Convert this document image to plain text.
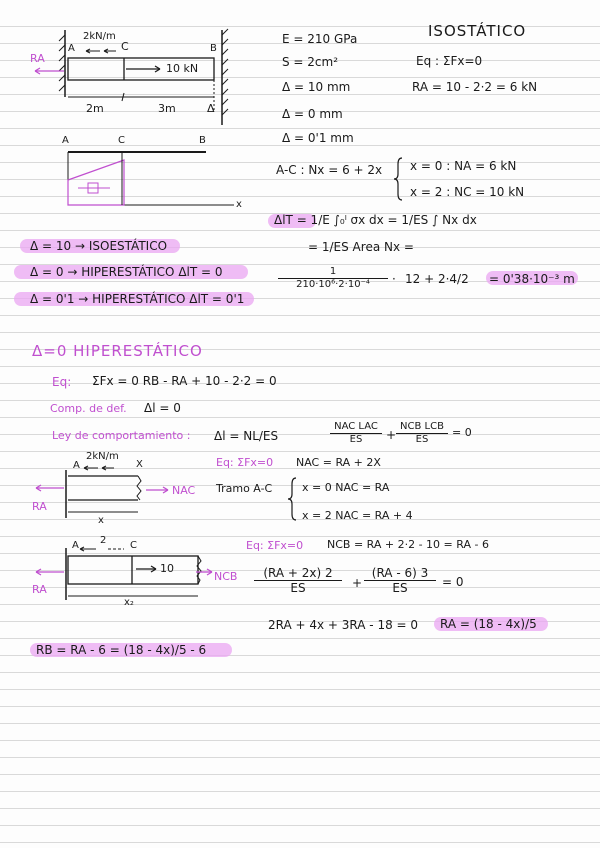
2kN/m
A	C	B
10 kN
RA
2m	3m	Δ
E = 210 GPa
S = 2cm²
Δ = 10 mm
Δ = 0 mm
Δ = 0'1 mm
ISOSTÁTICO
Eq : ΣFx=0
RA = 10 - 2·2 = 6 kN
A	C	B
x
A-C : Nx = 6 + 2x x = 0 : NA = 6 kN
x = 2 : NC = 10 kN
ΔlT = 1/E ∫₀ˡ σx dx = 1/ES ∫ Nx dx
= 1/ES Area Nx =
$\frac{1}{\text{210·10⁶·2·10⁻⁴}} \cdot 12 + 2\cdot 4/2 = 0'38\cdot 10^{-3}$ m
Δ = 10 → ISOESTÁTICO
Δ = 0 → HIPERESTÁTICO ΔlT = 0
Δ = 0'1 → HIPERESTÁTICO ΔlT = 0'1
Δ=0 HIPERESTÁTICO
Eq: ΣFx = 0 RB - RA + 10 - 2·2 = 0
Comp. de def. Δl = 0
Ley de comportamiento : Δl = NL/ES
NAC LAC
ES	+
NCB LCB
ES
= 0
2kN/m
A	X
NAC
RA
x
Eq: ΣFx=0 NAC = RA + 2X
Tramo A-C	x = 0 NAC = RA
x = 2 NAC = RA + 4
A 2 C
10
NCB
RA
x₂
Eq: ΣFx=0 NCB = RA + 2·2 - 10 = RA - 6
$\frac{(RA + 2x) 2}{ES} + \frac{(RA - 6) 3}{ES} = 0$
2RA + 4x + 3RA - 18 = 0 RA = (18 - 4x)/5
RB = RA - 6 = (18 - 4x)/5 - 6
